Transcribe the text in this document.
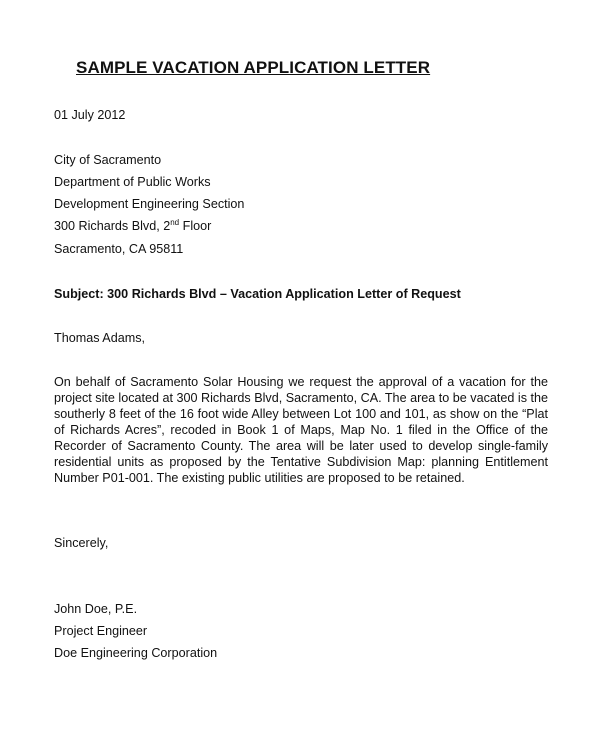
SAMPLE VACATION APPLICATION LETTER
01 July 2012
City of Sacramento
Department of Public Works
Development Engineering Section
300 Richards Blvd, 2nd Floor
Sacramento, CA 95811
Subject: 300 Richards Blvd – Vacation Application Letter of Request
Thomas Adams,
On behalf of Sacramento Solar Housing we request the approval of a vacation for the project site located at 300 Richards Blvd, Sacramento, CA. The area to be vacated is the southerly 8 feet of the 16 foot wide Alley between Lot 100 and 101, as show on the “Plat of Richards Acres”, recoded in Book 1 of Maps, Map No. 1 filed in the Office of the Recorder of Sacramento County. The area will be later used to develop single-family residential units as proposed by the Tentative Subdivision Map: planning Entitlement Number P01-001. The existing public utilities are proposed to be retained.
Sincerely,
John Doe, P.E.
Project Engineer
Doe Engineering Corporation
